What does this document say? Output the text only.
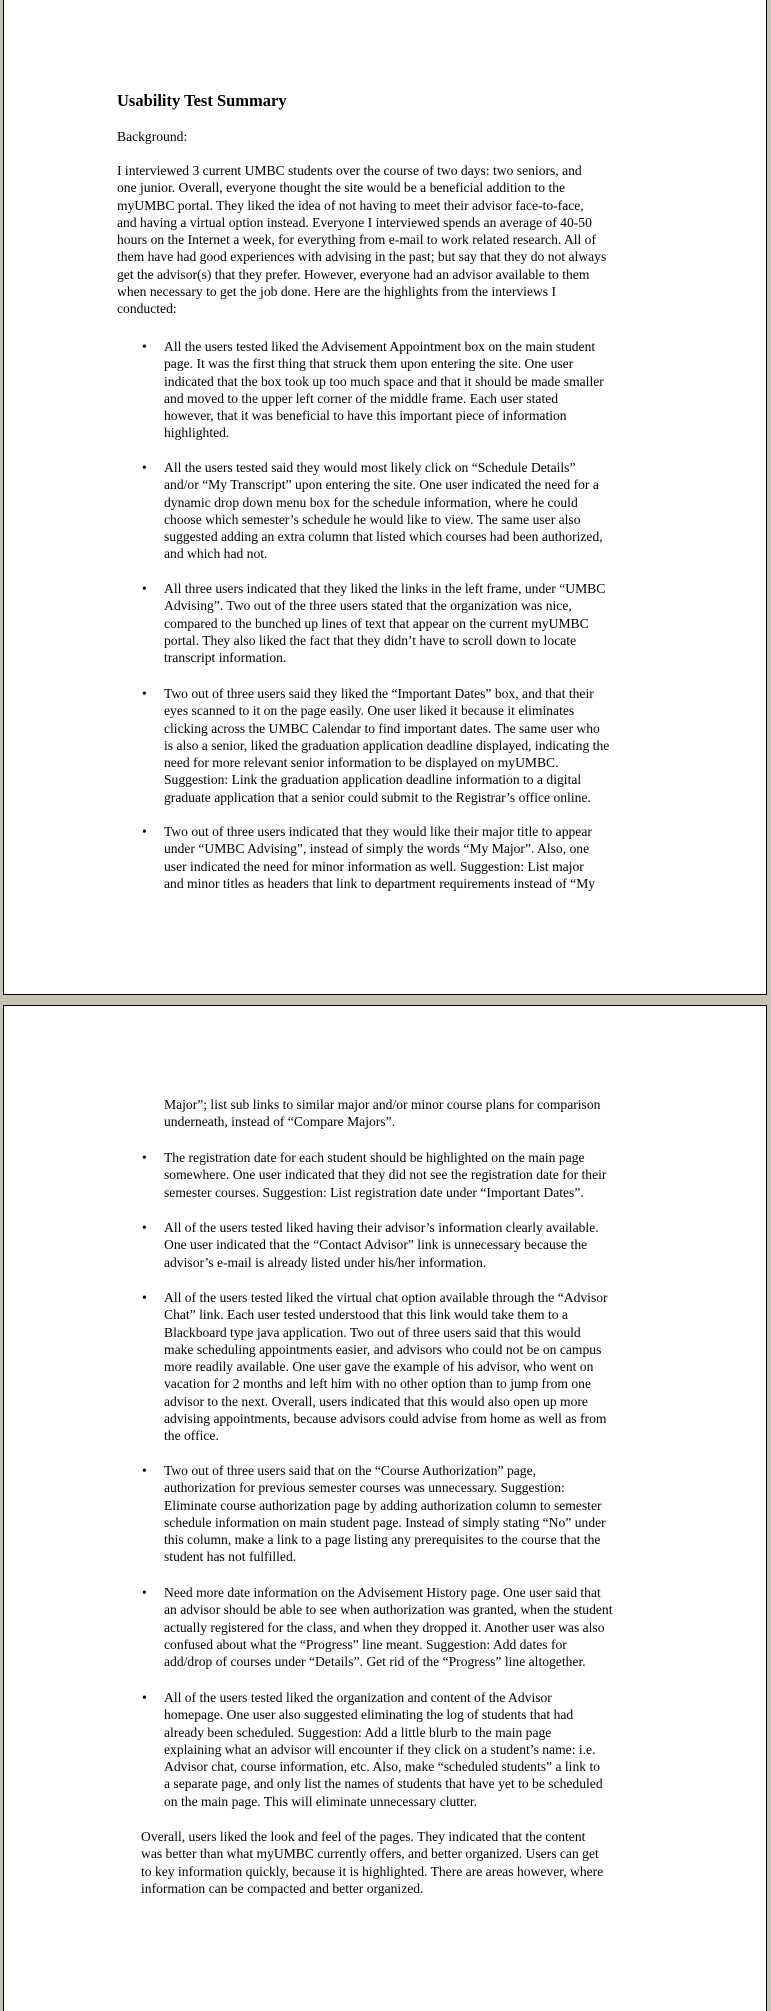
Usability Test Summary

Background:

I interviewed 3 current UMBC students over the course of two days: two seniors, and
one junior. Overall, everyone thought the site would be a beneficial addition to the
myUMBC portal. They liked the idea of not having to meet their advisor face-to-face,
and having a virtual option instead. Everyone I interviewed spends an average of 40-50
hours on the Internet a week, for everything from e-mail to work related research. All of
them have had good experiences with advising in the past; but say that they do not always
get the advisor(s) that they prefer. However, everyone had an advisor available to them
when necessary to get the job done. Here are the highlights from the interviews I
conducted:

• All the users tested liked the Advisement Appointment box on the main student
page. It was the first thing that struck them upon entering the site. One user
indicated that the box took up too much space and that it should be made smaller
and moved to the upper left corner of the middle frame. Each user stated
however, that it was beneficial to have this important piece of information
highlighted.

• All the users tested said they would most likely click on “Schedule Details”
and/or “My Transcript” upon entering the site. One user indicated the need for a
dynamic drop down menu box for the schedule information, where he could
choose which semester’s schedule he would like to view. The same user also
suggested adding an extra column that listed which courses had been authorized,
and which had not.

• All three users indicated that they liked the links in the left frame, under “UMBC
Advising”. Two out of the three users stated that the organization was nice,
compared to the bunched up lines of text that appear on the current myUMBC
portal. They also liked the fact that they didn’t have to scroll down to locate
transcript information.

• Two out of three users said they liked the “Important Dates” box, and that their
eyes scanned to it on the page easily. One user liked it because it eliminates
clicking across the UMBC Calendar to find important dates. The same user who
is also a senior, liked the graduation application deadline displayed, indicating the
need for more relevant senior information to be displayed on myUMBC.
Suggestion: Link the graduation application deadline information to a digital
graduate application that a senior could submit to the Registrar’s office online.

• Two out of three users indicated that they would like their major title to appear
under “UMBC Advising”, instead of simply the words “My Major”. Also, one
user indicated the need for minor information as well. Suggestion: List major
and minor titles as headers that link to department requirements instead of “My

Major”; list sub links to similar major and/or minor course plans for comparison
underneath, instead of “Compare Majors”.

• The registration date for each student should be highlighted on the main page
somewhere. One user indicated that they did not see the registration date for their
semester courses. Suggestion: List registration date under “Important Dates”.

• All of the users tested liked having their advisor’s information clearly available.
One user indicated that the “Contact Advisor” link is unnecessary because the
advisor’s e-mail is already listed under his/her information.

• All of the users tested liked the virtual chat option available through the “Advisor
Chat” link. Each user tested understood that this link would take them to a
Blackboard type java application. Two out of three users said that this would
make scheduling appointments easier, and advisors who could not be on campus
more readily available. One user gave the example of his advisor, who went on
vacation for 2 months and left him with no other option than to jump from one
advisor to the next. Overall, users indicated that this would also open up more
advising appointments, because advisors could advise from home as well as from
the office.

• Two out of three users said that on the “Course Authorization” page,
authorization for previous semester courses was unnecessary. Suggestion:
Eliminate course authorization page by adding authorization column to semester
schedule information on main student page. Instead of simply stating “No” under
this column, make a link to a page listing any prerequisites to the course that the
student has not fulfilled.

• Need more date information on the Advisement History page. One user said that
an advisor should be able to see when authorization was granted, when the student
actually registered for the class, and when they dropped it. Another user was also
confused about what the “Progress” line meant. Suggestion: Add dates for
add/drop of courses under “Details”. Get rid of the “Progress” line altogether.

• All of the users tested liked the organization and content of the Advisor
homepage. One user also suggested eliminating the log of students that had
already been scheduled. Suggestion: Add a little blurb to the main page
explaining what an advisor will encounter if they click on a student’s name: i.e.
Advisor chat, course information, etc. Also, make “scheduled students” a link to
a separate page, and only list the names of students that have yet to be scheduled
on the main page. This will eliminate unnecessary clutter.

Overall, users liked the look and feel of the pages. They indicated that the content
was better than what myUMBC currently offers, and better organized. Users can get
to key information quickly, because it is highlighted. There are areas however, where
information can be compacted and better organized.
